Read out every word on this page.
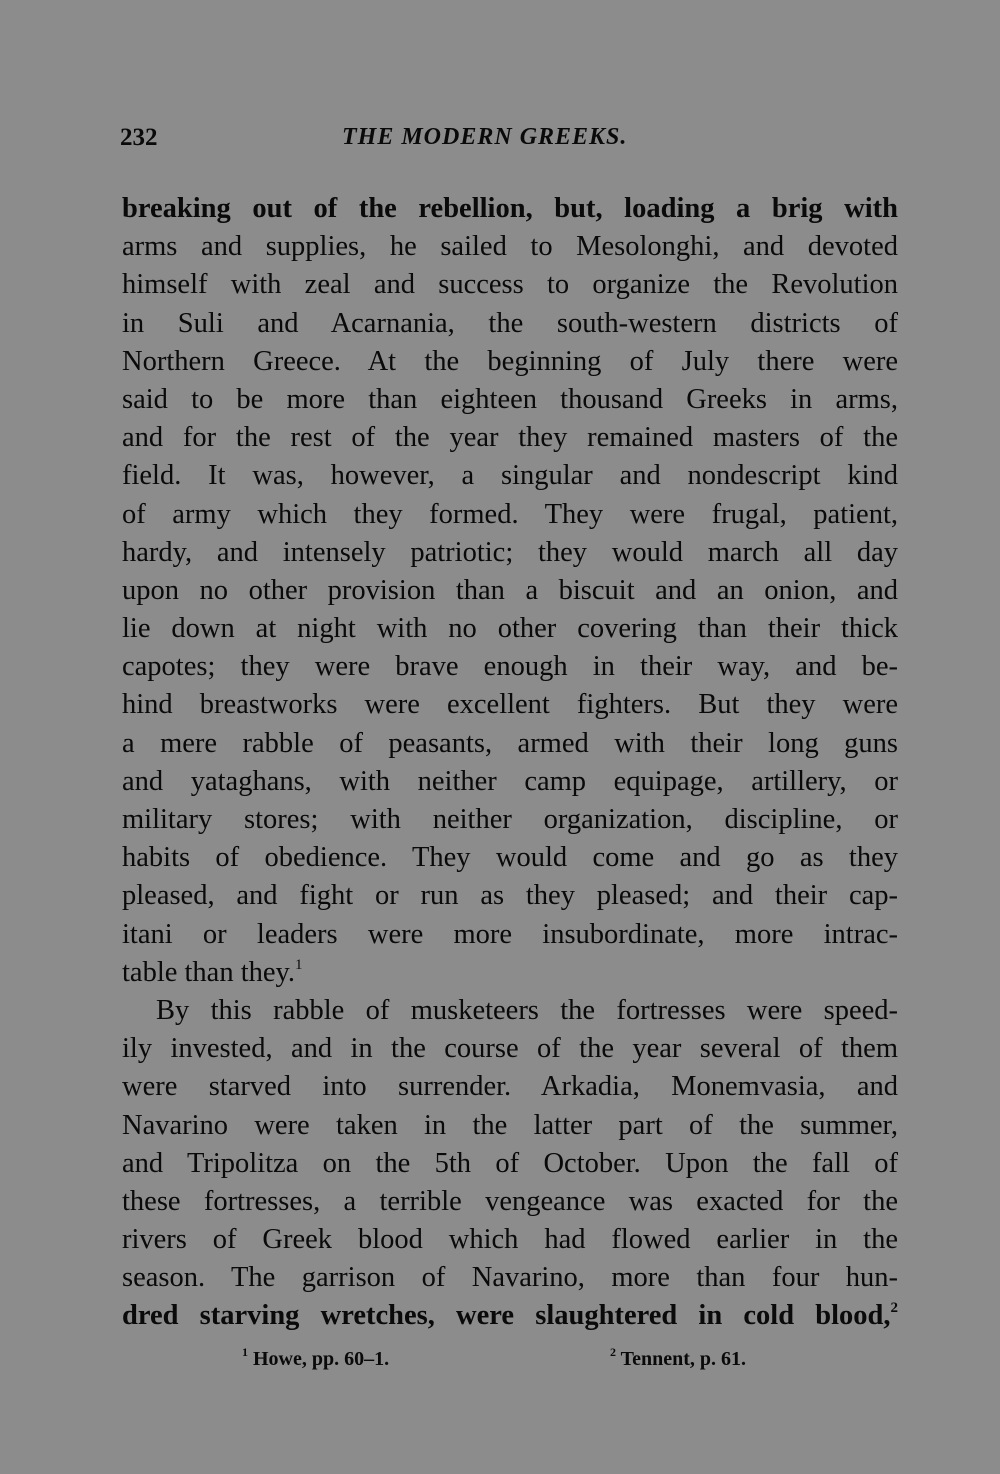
232	THE MODERN GREEKS.
breaking out of the rebellion, but, loading a brig with
arms and supplies, he sailed to Mesolonghi, and devoted
himself with zeal and success to organize the Revolution
in Suli and Acarnania, the south-western districts of
Northern Greece. At the beginning of July there were
said to be more than eighteen thousand Greeks in arms,
and for the rest of the year they remained masters of the
field. It was, however, a singular and nondescript kind
of army which they formed. They were frugal, patient,
hardy, and intensely patriotic; they would march all day
upon no other provision than a biscuit and an onion, and
lie down at night with no other covering than their thick
capotes; they were brave enough in their way, and be-
hind breastworks were excellent fighters. But they were
a mere rabble of peasants, armed with their long guns
and yataghans, with neither camp equipage, artillery, or
military stores; with neither organization, discipline, or
habits of obedience. They would come and go as they
pleased, and fight or run as they pleased; and their cap-
itani or leaders were more insubordinate, more intrac-
table than they.$^1$
By this rabble of musketeers the fortresses were speed-
ily invested, and in the course of the year several of them
were starved into surrender. Arkadia, Monemvasia, and
Navarino were taken in the latter part of the summer,
and Tripolitza on the 5th of October. Upon the fall of
these fortresses, a terrible vengeance was exacted for the
rivers of Greek blood which had flowed earlier in the
season. The garrison of Navarino, more than four hun-
dred starving wretches, were slaughtered in cold blood,$^2$
$^1$ Howe, pp. 60–1.	$^2$ Tennent, p. 61.
